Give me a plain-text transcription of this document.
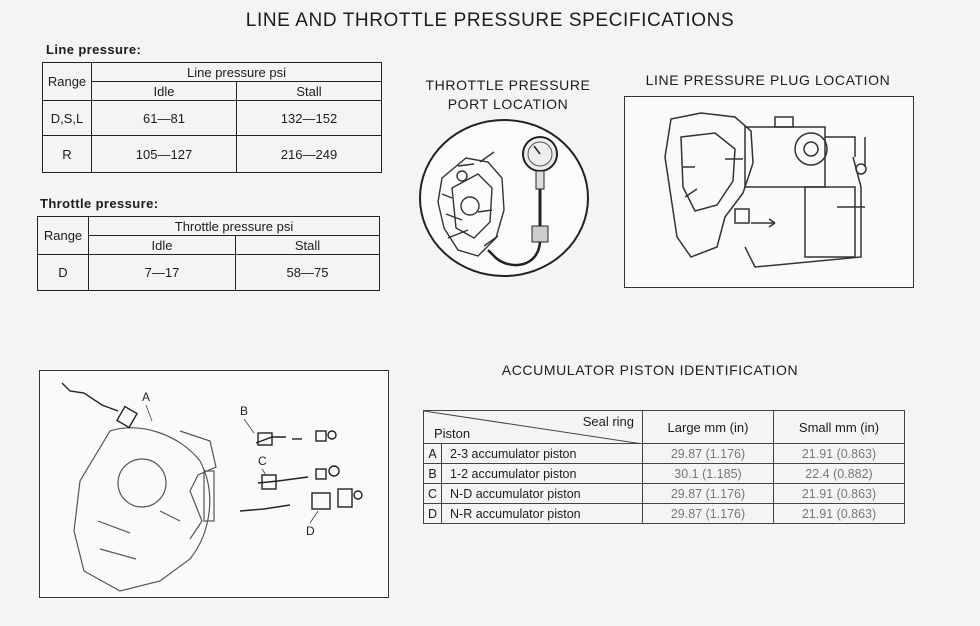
LINE AND THROTTLE PRESSURE SPECIFICATIONS
Line pressure:
Range	Line pressure psi	
	Idle	Stall
D,S,L	61—81	132—152
R	105—127	216—249
Throttle pressure:
Range	Throttle pressure psi	
	Idle	Stall
D	7—17	58—75
THROTTLE PRESSURE
PORT LOCATION
LINE PRESSURE PLUG LOCATION
A
B
C
D
ACCUMULATOR PISTON IDENTIFICATION
Seal ring
Piston		Large mm (in)	Small mm (in)
A	2-3 accumulator piston	29.87 (1.176)	21.91 (0.863)
B	1-2 accumulator piston	30.1 (1.185)	22.4 (0.882)
C	N-D accumulator piston	29.87 (1.176)	21.91 (0.863)
D	N-R accumulator piston	29.87 (1.176)	21.91 (0.863)
